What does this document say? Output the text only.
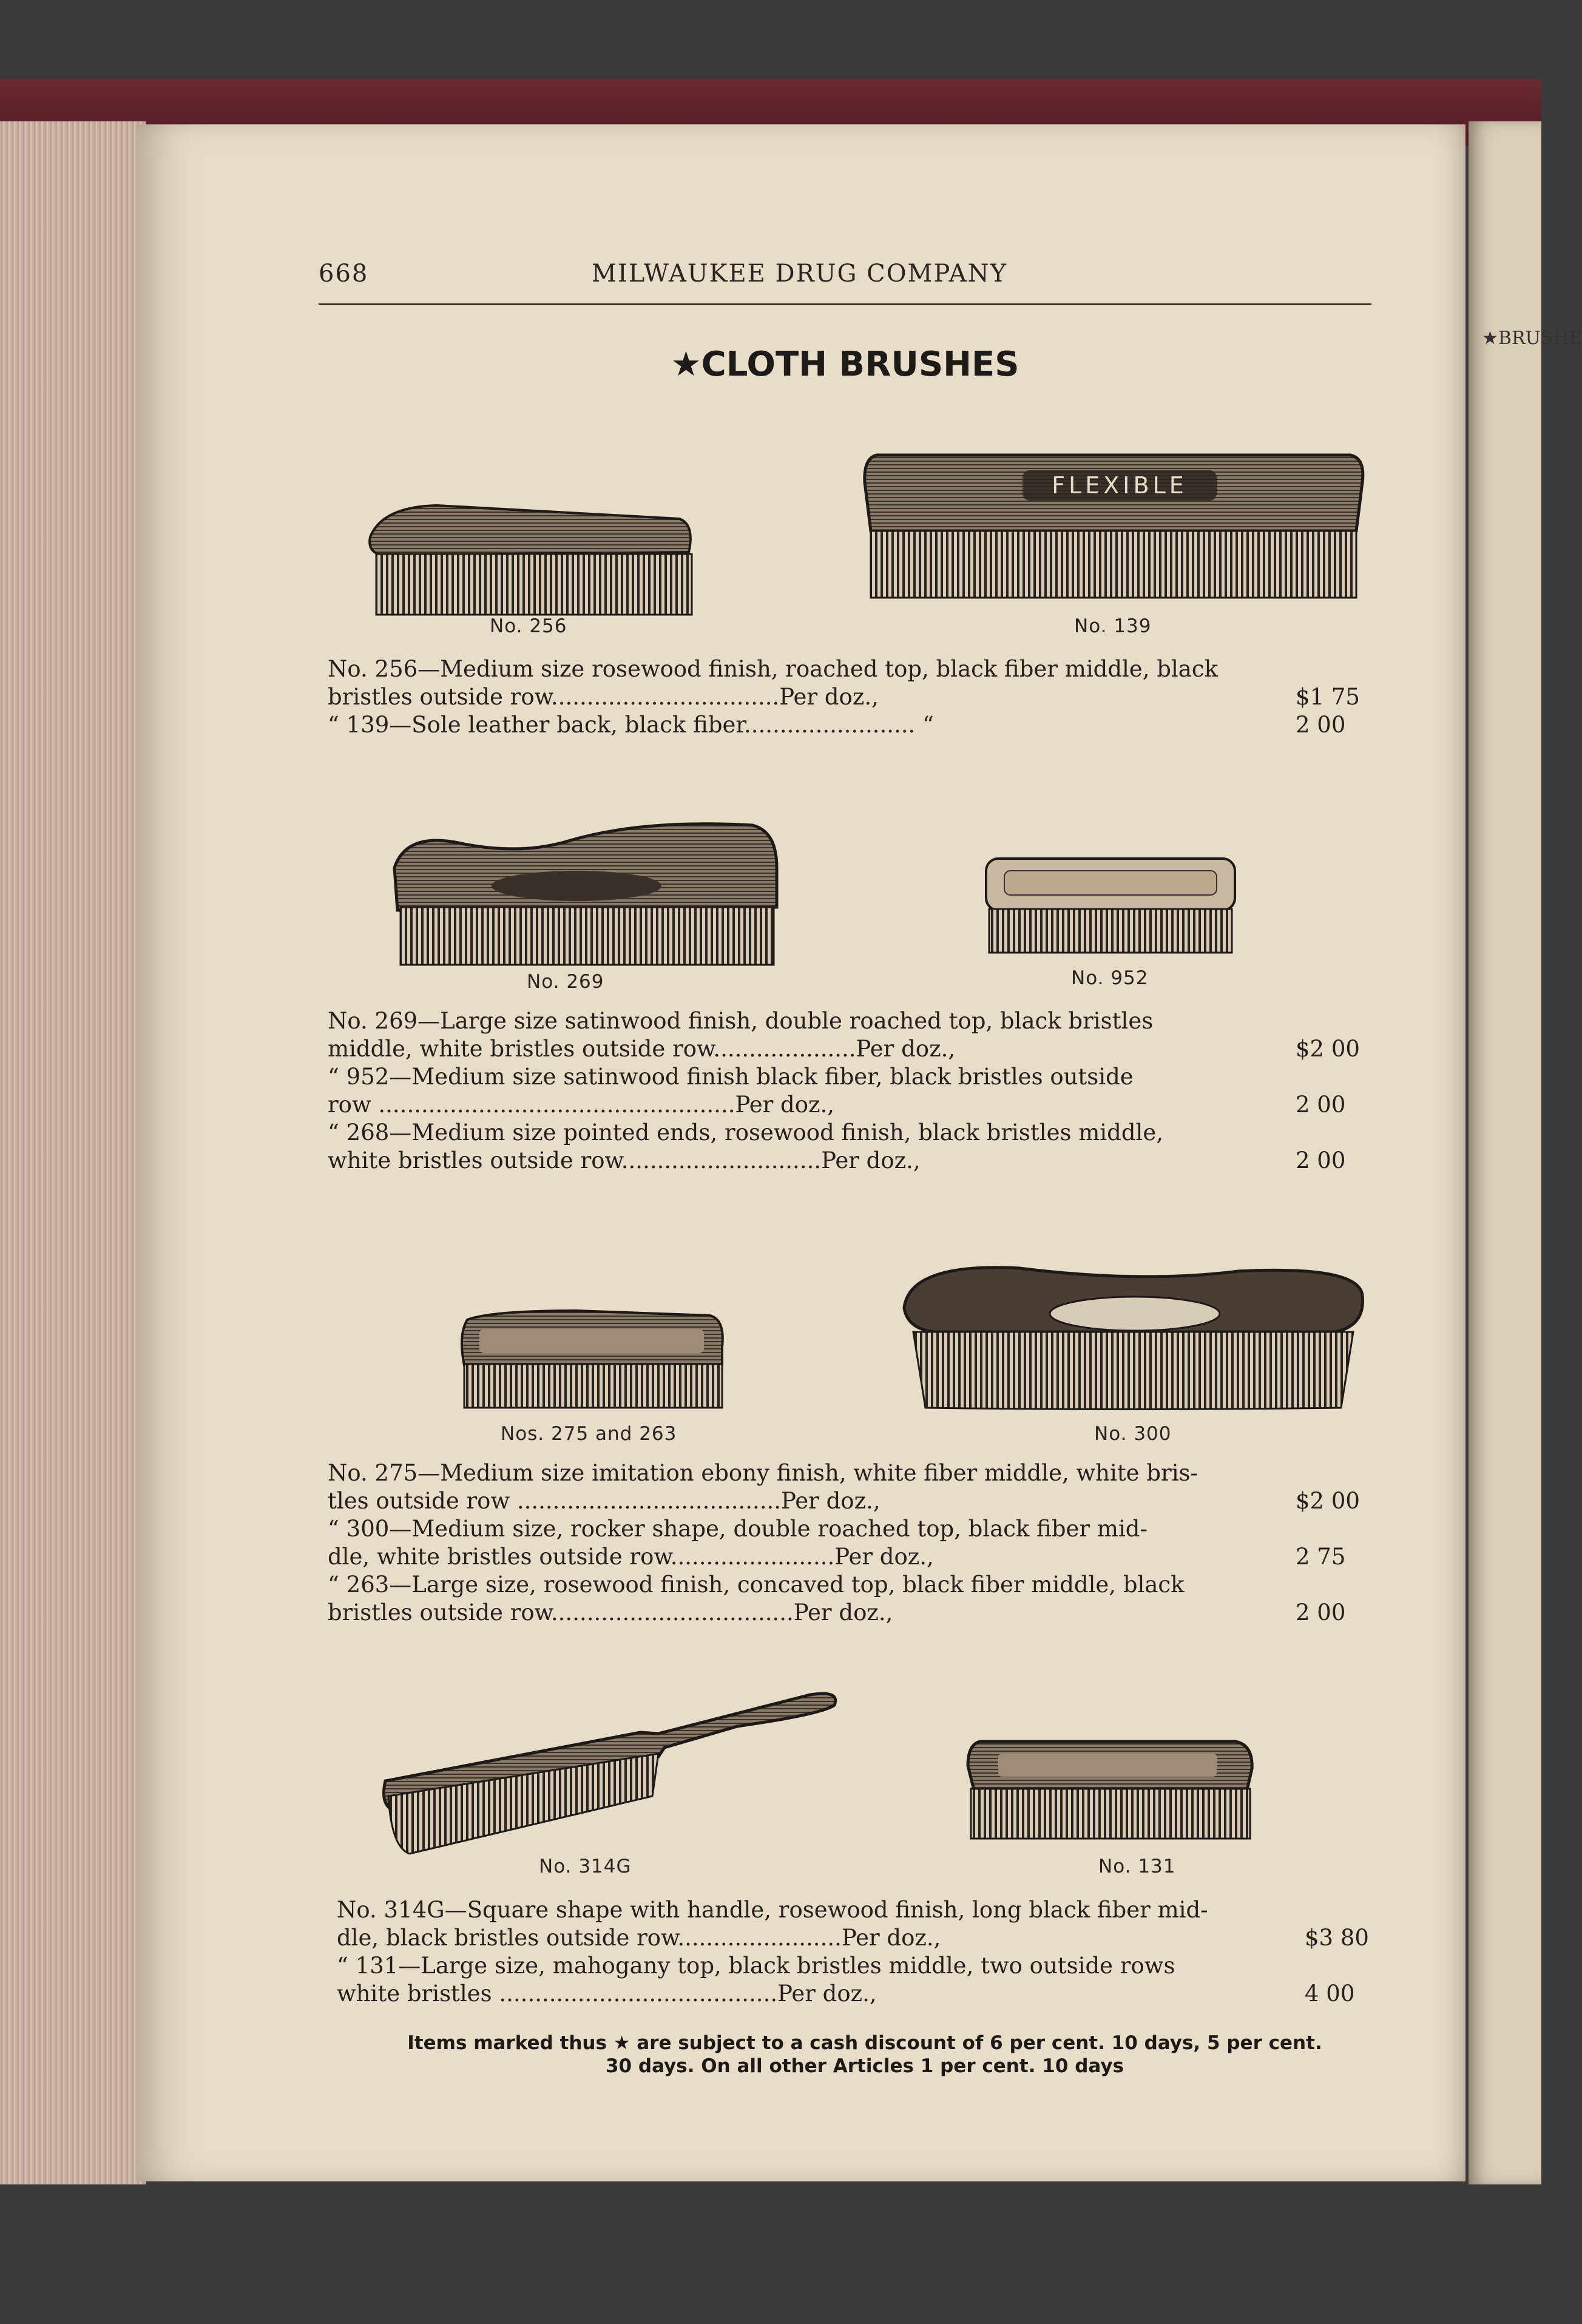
★BRUSHE
668	MILWAUKEE DRUG COMPANY
★CLOTH BRUSHES
No. 256
FLEXIBLE
No. 139
No. 256—Medium size rosewood finish, roached top, black fiber middle, black
bristles outside row................................Per doz.,	$1 75
“ 139—Sole leather back, black fiber........................ “	2 00
No. 269	No. 952
No. 269—Large size satinwood finish, double roached top, black bristles
middle, white bristles outside row....................Per doz.,	$2 00
“ 952—Medium size satinwood finish black fiber, black bristles outside
row ..................................................Per doz.,	2 00
“ 268—Medium size pointed ends, rosewood finish, black bristles middle,
white bristles outside row............................Per doz.,	2 00
Nos. 275 and 263	No. 300
No. 275—Medium size imitation ebony finish, white fiber middle, white bris-
tles outside row .....................................Per doz.,	$2 00
“ 300—Medium size, rocker shape, double roached top, black fiber mid-
dle, white bristles outside row.......................Per doz.,	2 75
“ 263—Large size, rosewood finish, concaved top, black fiber middle, black
bristles outside row..................................Per doz.,	2 00
No. 314G	No. 131
No. 314G—Square shape with handle, rosewood finish, long black fiber mid-
dle, black bristles outside row.......................Per doz.,	$3 80
“ 131—Large size, mahogany top, black bristles middle, two outside rows
white bristles .......................................Per doz.,	4 00
Items marked thus ★ are subject to a cash discount of 6 per cent. 10 days, 5 per cent.
30 days. On all other Articles 1 per cent. 10 days
